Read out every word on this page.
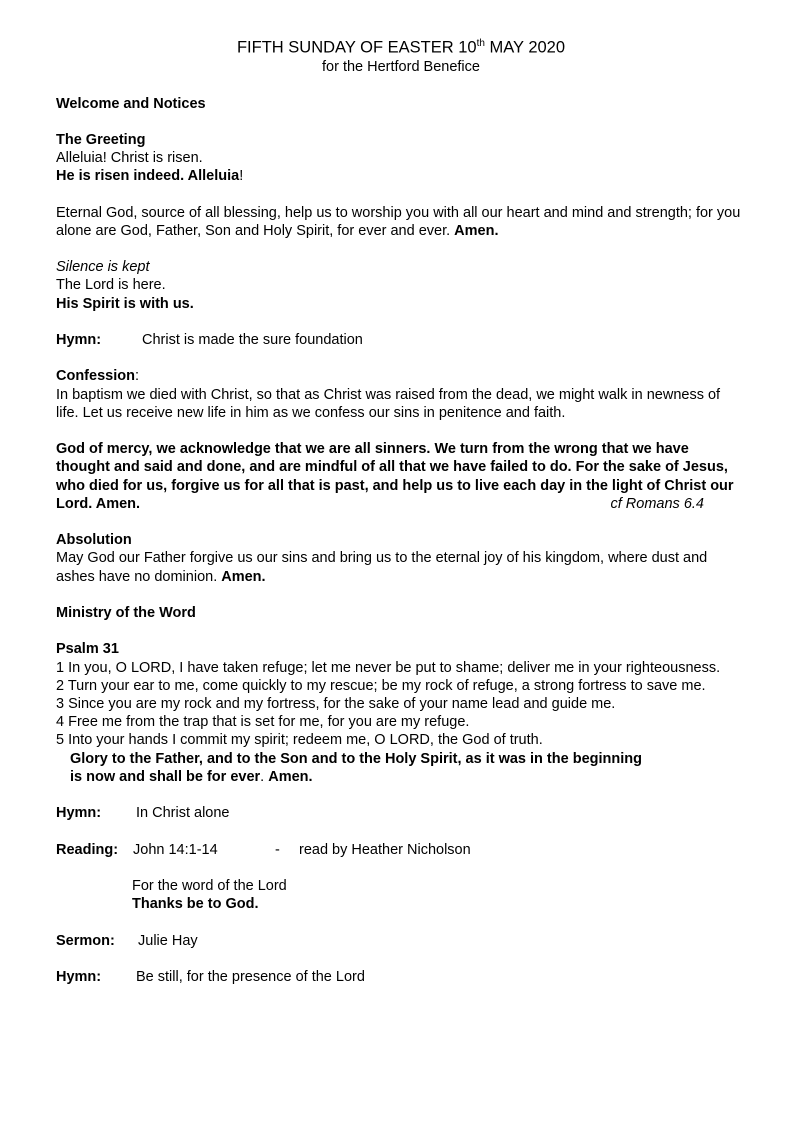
FIFTH SUNDAY OF EASTER 10th MAY 2020
for the Hertford Benefice

Welcome and Notices

The Greeting

Alleluia! Christ is risen.

He is risen indeed. Alleluia!

Eternal God, source of all blessing, help us to worship you with all our heart and mind and strength; for you alone are God, Father, Son and Holy Spirit, for ever and ever. Amen.

Silence is kept

The Lord is here.

His Spirit is with us.

Hymn:	Christ is made the sure foundation

Confession:

In baptism we died with Christ, so that as Christ was raised from the dead, we might walk in newness of life. Let us receive new life in him as we confess our sins in penitence and faith.

God of mercy, we acknowledge that we are all sinners. We turn from the wrong that we have thought and said and done, and are mindful of all that we have failed to do. For the sake of Jesus, who died for us, forgive us for all that is past, and help us to live each day in the light of Christ our Lord. Amen.	cf Romans 6.4

Absolution

May God our Father forgive us our sins and bring us to the eternal joy of his kingdom, where dust and ashes have no dominion. Amen.

Ministry of the Word

Psalm 31

1 In you, O LORD, I have taken refuge; let me never be put to shame; deliver me in your righteousness.

2 Turn your ear to me, come quickly to my rescue; be my rock of refuge, a strong fortress to save me.

3 Since you are my rock and my fortress, for the sake of your name lead and guide me.

4 Free me from the trap that is set for me, for you are my refuge.

5 Into your hands I commit my spirit; redeem me, O LORD, the God of truth.

Glory to the Father, and to the Son and to the Holy Spirit, as it was in the beginning

is now and shall be for ever. Amen.

Hymn: In Christ alone

Reading: John 14:1-14	- read by Heather Nicholson

For the word of the Lord

Thanks be to God.

Sermon: Julie Hay

Hymn: Be still, for the presence of the Lord
